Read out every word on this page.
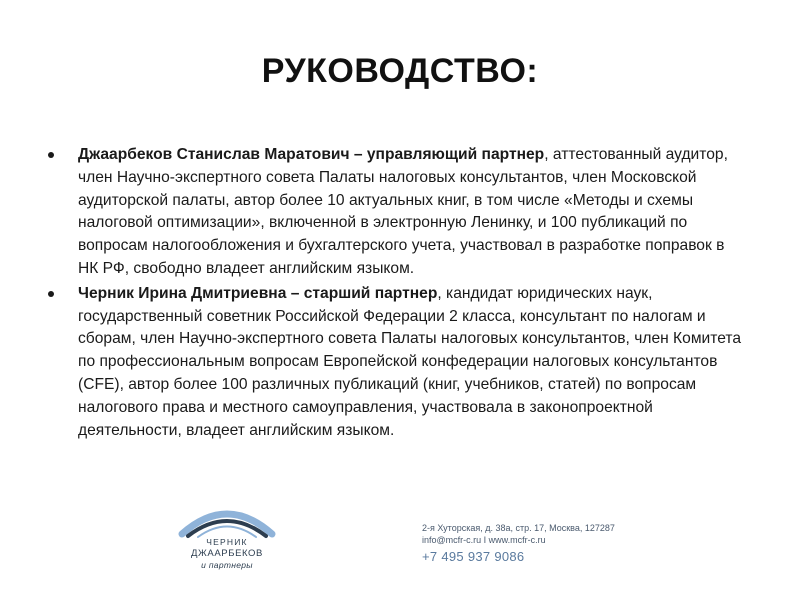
РУКОВОДСТВО:
Джаарбеков Станислав Маратович – управляющий партнер, аттестованный аудитор, член Научно-экспертного совета Палаты налоговых консультантов, член Московской аудиторской палаты, автор более 10 актуальных книг, в том числе «Методы и схемы налоговой оптимизации», включенной в электронную Ленинку, и 100 публикаций по вопросам налогообложения и бухгалтерского учета, участвовал в разработке поправок в НК РФ, свободно владеет английским языком.
Черник Ирина Дмитриевна – старший партнер, кандидат юридических наук, государственный советник Российской Федерации 2 класса, консультант по налогам и сборам, член Научно-экспертного совета Палаты налоговых консультантов, член Комитета по профессиональным вопросам Европейской конфедерации налоговых консультантов (CFE), автор более 100 различных публикаций (книг, учебников, статей) по вопросам налогового права и местного самоуправления, участвовала в законопроектной деятельности, владеет английским языком.
ЧЕРНИК
ДЖААРБЕКОВ
и партнеры
2-я Хуторская, д. 38а, стр. 17, Москва, 127287
info@mcfr-c.ru I www.mcfr-c.ru
+7 495 937 9086
